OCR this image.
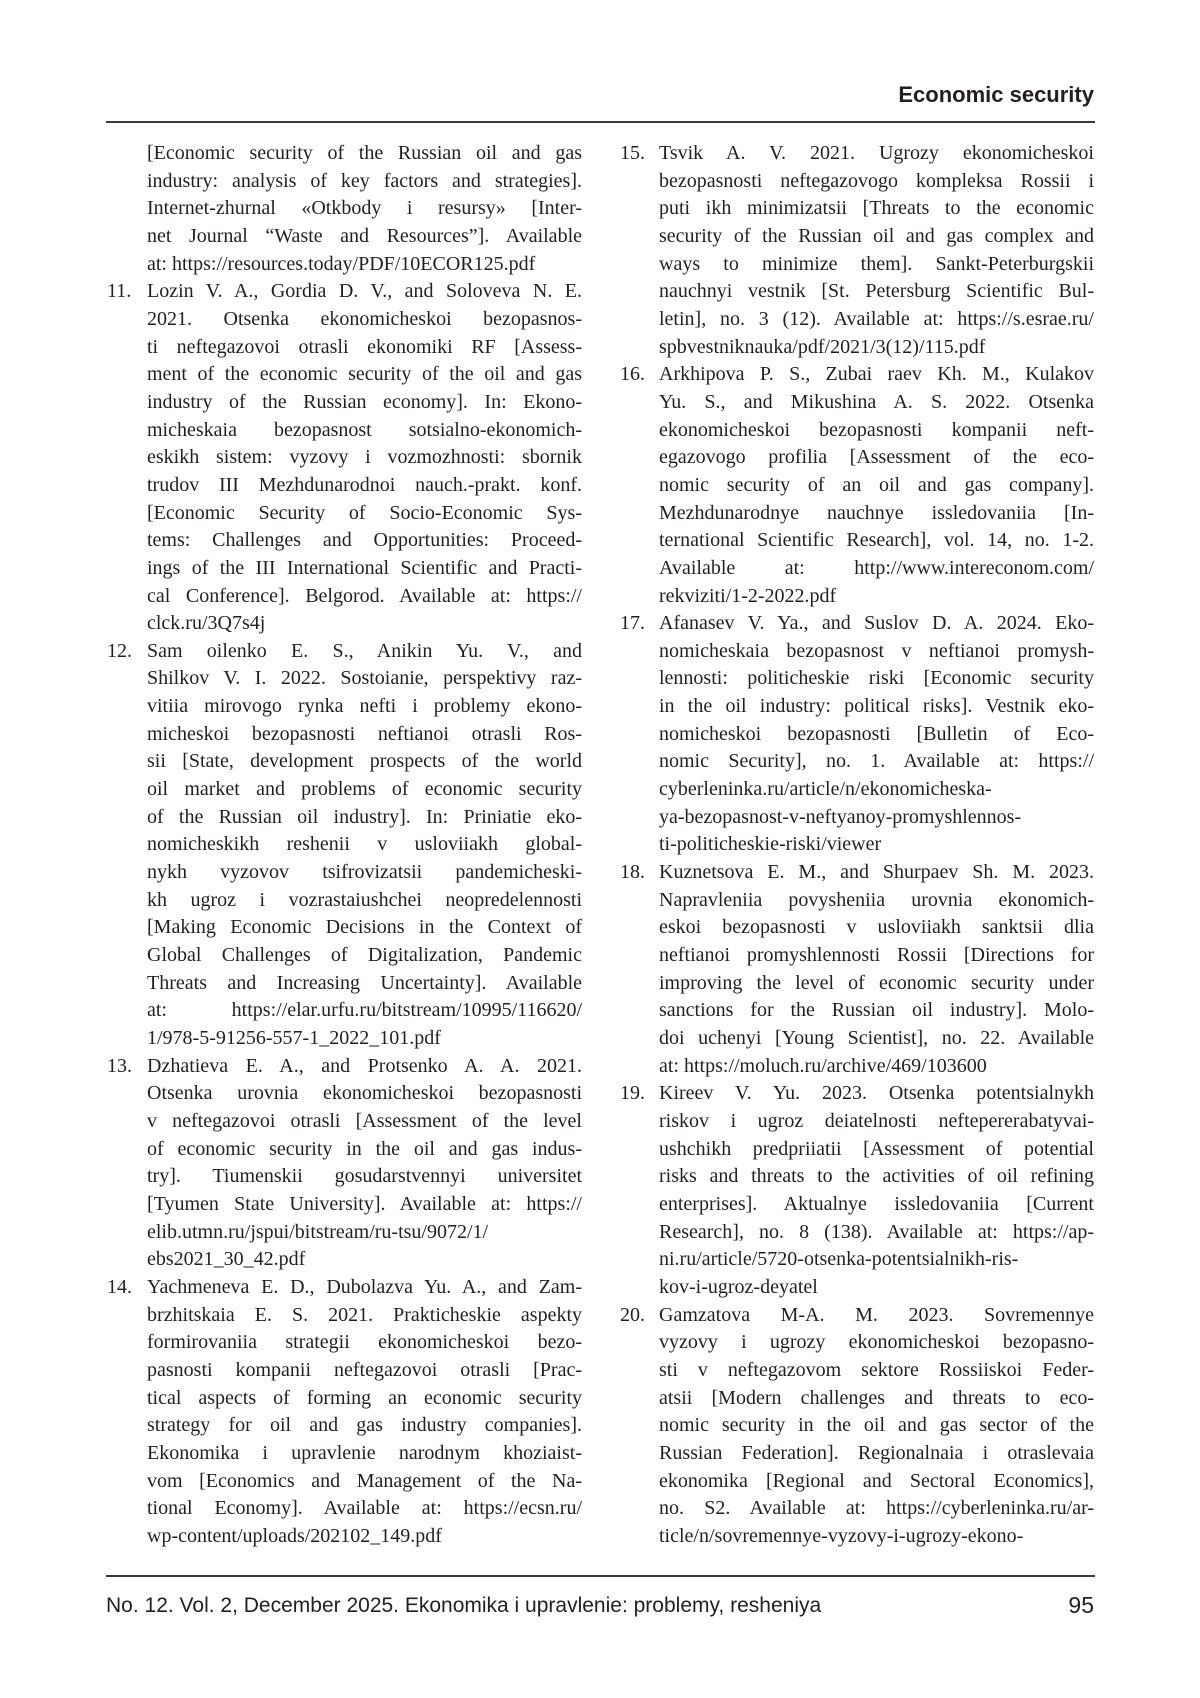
Economic security
[Economic security of the Russian oil and gas
industry: analysis of key factors and strategies].
Internet-zhurnal «Otkbody i resursy» [Inter-
net Journal “Waste and Resources”]. Available
at: https://resources.today/PDF/10ECOR125.pdf
11. Lozin V. A., Gordia D. V., and Soloveva N. E.
2021. Otsenka ekonomicheskoi bezopasnos-
ti neftegazovoi otrasli ekonomiki RF [Assess-
ment of the economic security of the oil and gas
industry of the Russian economy]. In: Ekono-
micheskaia bezopasnost sotsialno-ekonomich-
eskikh sistem: vyzovy i vozmozhnosti: sbornik
trudov III Mezhdunarodnoi nauch.-prakt. konf.
[Economic Security of Socio-Economic Sys-
tems: Challenges and Opportunities: Proceed-
ings of the III International Scientific and Practi-
cal Conference]. Belgorod. Available at: https://
clck.ru/3Q7s4j
12. Sam oilenko E. S., Anikin Yu. V., and
Shilkov V. I. 2022. Sostoianie, perspektivy raz-
vitiia mirovogo rynka nefti i problemy ekono-
micheskoi bezopasnosti neftianoi otrasli Ros-
sii [State, development prospects of the world
oil market and problems of economic security
of the Russian oil industry]. In: Priniatie eko-
nomicheskikh reshenii v usloviiakh global-
nykh vyzovov tsifrovizatsii pandemicheski-
kh ugroz i vozrastaiushchei neopredelennosti
[Making Economic Decisions in the Context of
Global Challenges of Digitalization, Pandemic
Threats and Increasing Uncertainty]. Available
at: https://elar.urfu.ru/bitstream/10995/116620/
1/978-5-91256-557-1_2022_101.pdf
13. Dzhatieva E. A., and Protsenko A. A. 2021.
Otsenka urovnia ekonomicheskoi bezopasnosti
v neftegazovoi otrasli [Assessment of the level
of economic security in the oil and gas indus-
try]. Tiumenskii gosudarstvennyi universitet
[Tyumen State University]. Available at: https://
elib.utmn.ru/jspui/bitstream/ru-tsu/9072/1/
ebs2021_30_42.pdf
14. Yachmeneva E. D., Dubolazva Yu. A., and Zam-
brzhitskaia E. S. 2021. Prakticheskie aspekty
formirovaniia strategii ekonomicheskoi bezo-
pasnosti kompanii neftegazovoi otrasli [Prac-
tical aspects of forming an economic security
strategy for oil and gas industry companies].
Ekonomika i upravlenie narodnym khoziaist-
vom [Economics and Management of the Na-
tional Economy]. Available at: https://ecsn.ru/
wp-content/uploads/202102_149.pdf
15. Tsvik A. V. 2021. Ugrozy ekonomicheskoi
bezopasnosti neftegazovogo kompleksa Rossii i
puti ikh minimizatsii [Threats to the economic
security of the Russian oil and gas complex and
ways to minimize them]. Sankt-Peterburgskii
nauchnyi vestnik [St. Petersburg Scientific Bul-
letin], no. 3 (12). Available at: https://s.esrae.ru/
spbvestniknauka/pdf/2021/3(12)/115.pdf
16. Arkhipova P. S., Zubai raev Kh. M., Kulakov
Yu. S., and Mikushina A. S. 2022. Otsenka
ekonomicheskoi bezopasnosti kompanii neft-
egazovogo profilia [Assessment of the eco-
nomic security of an oil and gas company].
Mezhdunarodnye nauchnye issledovaniia [In-
ternational Scientific Research], vol. 14, no. 1-2.
Available at: http://www.intereconom.com/
rekviziti/1-2-2022.pdf
17. Afanasev V. Ya., and Suslov D. A. 2024. Eko-
nomicheskaia bezopasnost v neftianoi promysh-
lennosti: politicheskie riski [Economic security
in the oil industry: political risks]. Vestnik eko-
nomicheskoi bezopasnosti [Bulletin of Eco-
nomic Security], no. 1. Available at: https://
cyberleninka.ru/article/n/ekonomicheska-
ya-bezopasnost-v-neftyanoy-promyshlennos-
ti-politicheskie-riski/viewer
18. Kuznetsova E. M., and Shurpaev Sh. M. 2023.
Napravleniia povysheniia urovnia ekonomich-
eskoi bezopasnosti v usloviiakh sanktsii dlia
neftianoi promyshlennosti Rossii [Directions for
improving the level of economic security under
sanctions for the Russian oil industry]. Molo-
doi uchenyi [Young Scientist], no. 22. Available
at: https://moluch.ru/archive/469/103600
19. Kireev V. Yu. 2023. Otsenka potentsialnykh
riskov i ugroz deiatelnosti neftepererabatyvai-
ushchikh predpriiatii [Assessment of potential
risks and threats to the activities of oil refining
enterprises]. Aktualnye issledovaniia [Current
Research], no. 8 (138). Available at: https://ap-
ni.ru/article/5720-otsenka-potentsialnikh-ris-
kov-i-ugroz-deyatel
20. Gamzatova M-A. M. 2023. Sovremennye
vyzovy i ugrozy ekonomicheskoi bezopasno-
sti v neftegazovom sektore Rossiiskoi Feder-
atsii [Modern challenges and threats to eco-
nomic security in the oil and gas sector of the
Russian Federation]. Regionalnaia i otraslevaia
ekonomika [Regional and Sectoral Economics],
no. S2. Available at: https://cyberleninka.ru/ar-
ticle/n/sovremennye-vyzovy-i-ugrozy-ekono-
No. 12. Vol. 2, December 2025. Ekonomika i upravlenie: problemy, resheniya	95
